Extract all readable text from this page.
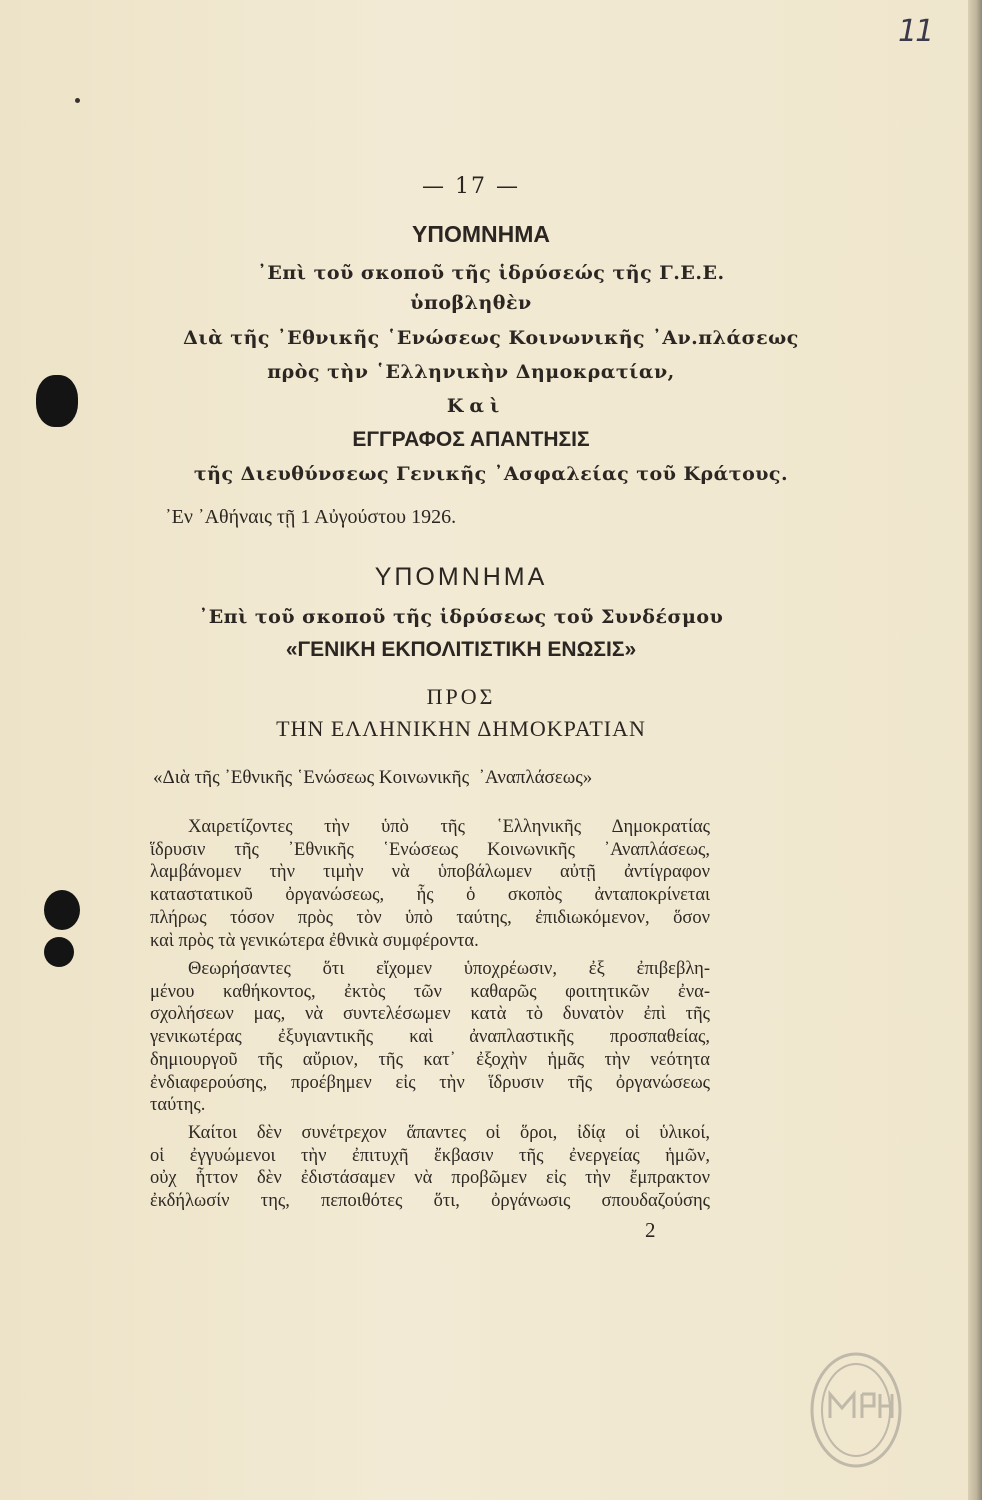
11
— 17 —
ΥΠΟΜΝΗΜΑ
᾽Επὶ τοῦ σκοποῦ τῆς ἱδρύσεώς τῆς Γ.Ε.Ε.
ὑποβληθὲν
Διὰ τῆς ᾽Εθνικῆς ῾Ενώσεως Κοινωνικῆς ᾽Αν.πλάσεως
πρὸς τὴν ῾Ελληνικὴν Δημοκρατίαν,
Καὶ
ΕΓΓΡΑΦΟΣ ΑΠΑΝΤΗΣΙΣ
τῆς Διευθύνσεως Γενικῆς ᾽Ασφαλείας τοῦ Κράτους.
᾽Εν ᾽Αθήναις τῇ 1 Αὐγούστου 1926.
ΥΠΟΜΝΗΜΑ
᾽Επὶ τοῦ σκοποῦ τῆς ἱδρύσεως τοῦ Συνδέσμου
«ΓΕΝΙΚΗ ΕΚΠΟΛΙΤΙΣΤΙΚΗ ΕΝΩΣΙΣ»
ΠΡΟΣ
ΤΗΝ ΕΛΛΗΝΙΚΗΝ ΔΗΜΟΚΡΑΤΙΑΝ
«Διὰ τῆς ᾽Εθνικῆς ῾Ενώσεως Κοινωνικῆς  ᾽Αναπλάσεως»
Χαιρετίζοντες τὴν ὑπὸ τῆς ῾Ελληνικῆς Δημοκρατίας
ἵδρυσιν τῆς ᾽Εθνικῆς ῾Ενώσεως Κοινωνικῆς ᾽Αναπλάσεως,
λαμβάνομεν τὴν τιμὴν νὰ ὑποβάλωμεν αὐτῇ ἀντίγραφον
καταστατικοῦ ὀργανώσεως, ἧς ὁ σκοπὸς ἀνταποκρίνεται
πλήρως τόσον πρὸς τὸν ὑπὸ ταύτης, ἐπιδιωκόμενον, ὅσον
καὶ πρὸς τὰ γενικώτερα ἐθνικὰ συμφέροντα.
Θεωρήσαντες ὅτι εἴχομεν ὑποχρέωσιν, ἐξ ἐπιβεβλη-
μένου καθήκοντος, ἐκτὸς τῶν καθαρῶς φοιτητικῶν ἐνα-
σχολήσεων μας, νὰ συντελέσωμεν κατὰ τὸ δυνατὸν ἐπὶ τῆς
γενικωτέρας ἐξυγιαντικῆς καὶ ἀναπλαστικῆς προσπαθείας,
δημιουργοῦ τῆς αὔριον, τῆς κατ᾽ ἐξοχὴν ἡμᾶς τὴν νεότητα
ἐνδιαφερούσης, προέβημεν εἰς τὴν ἵδρυσιν τῆς ὀργανώσεως
ταύτης.
Καίτοι δὲν συνέτρεχον ἅπαντες οἱ ὅροι, ἰδίᾳ οἱ ὑλικοί,
οἱ ἐγγυώμενοι τὴν ἐπιτυχῆ ἔκβασιν τῆς ἐνεργείας ἡμῶν,
οὐχ ἧττον δὲν ἐδιστάσαμεν νὰ προβῶμεν εἰς τὴν ἔμπρακτον
ἐκδήλωσίν της, πεποιθότες ὅτι, ὀργάνωσις σπουδαζούσης
2
